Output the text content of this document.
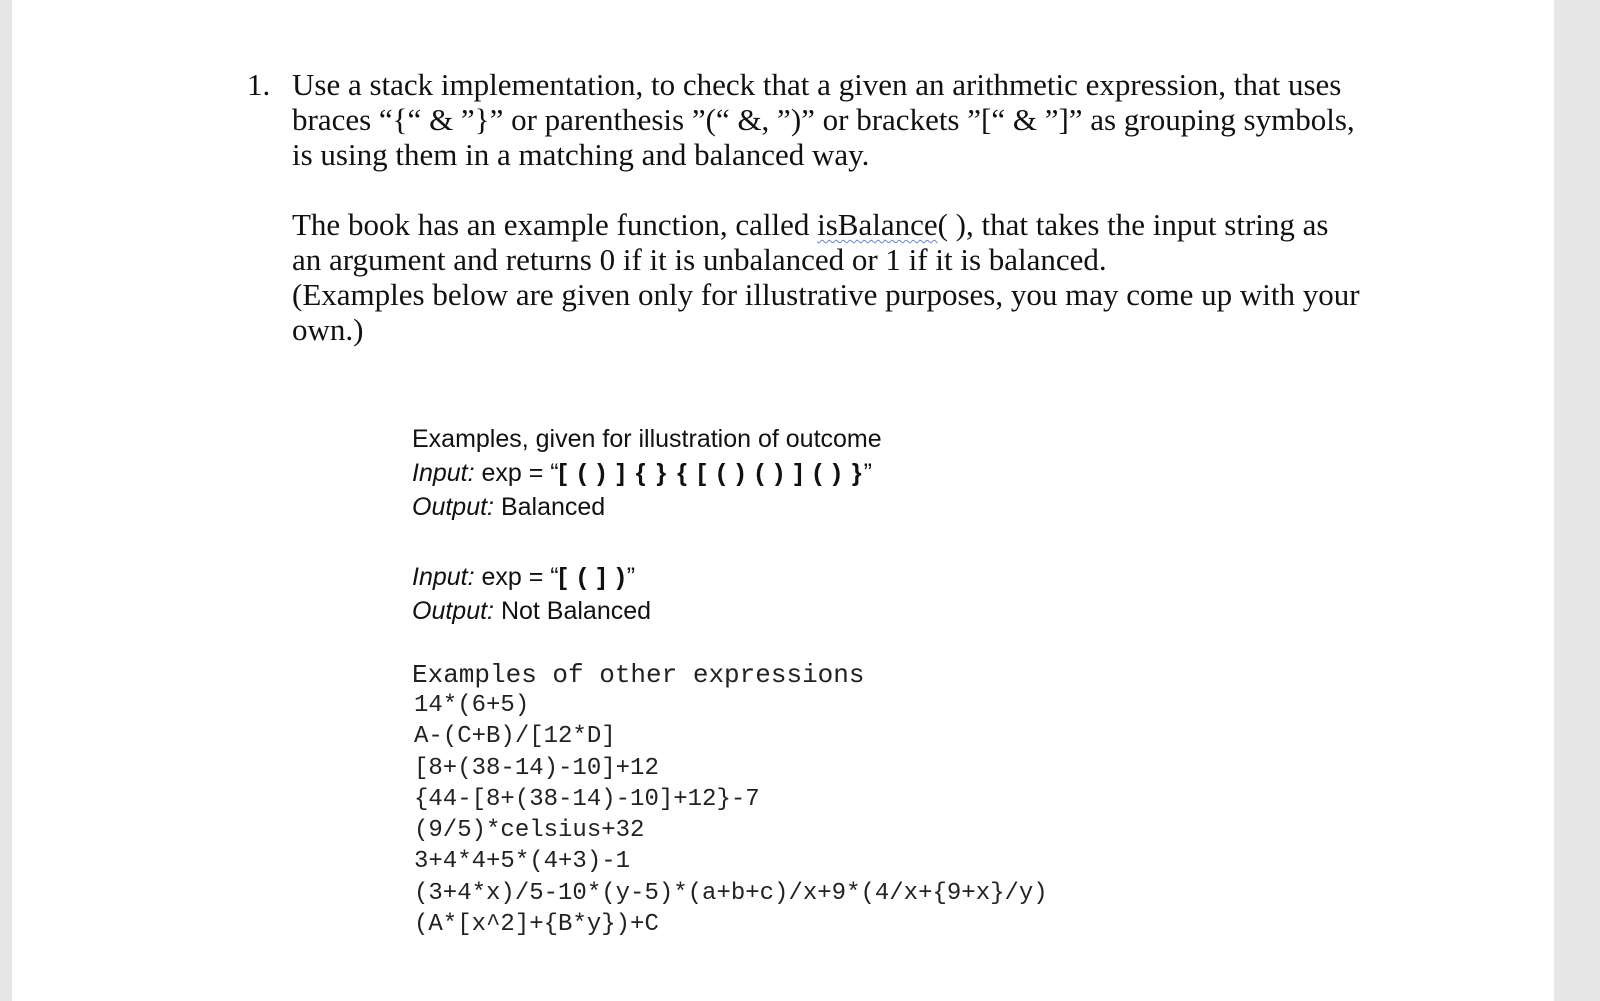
1. Use a stack implementation, to check that a given an arithmetic expression, that uses
braces “{“ & ”}” or parenthesis ”(“ &, ”)” or brackets ”[“ & ”]” as grouping symbols,
is using them in a matching and balanced way.
The book has an example function, called isBalance( ), that takes the input string as
an argument and returns 0 if it is unbalanced or 1 if it is balanced.
(Examples below are given only for illustrative purposes, you may come up with your
own.)
Examples, given for illustration of outcome
Input: exp = “[ ( ) ] { } { [ ( ) ( ) ] ( ) }”
Output: Balanced
Input: exp = “[ ( ] )”
Output: Not Balanced
Examples of other expressions
14*(6+5)
A-(C+B)/[12*D]
[8+(38-14)-10]+12
{44-[8+(38-14)-10]+12}-7
(9/5)*celsius+32
3+4*4+5*(4+3)-1
(3+4*x)/5-10*(y-5)*(a+b+c)/x+9*(4/x+{9+x}/y)
(A*[x^2]+{B*y})+C
